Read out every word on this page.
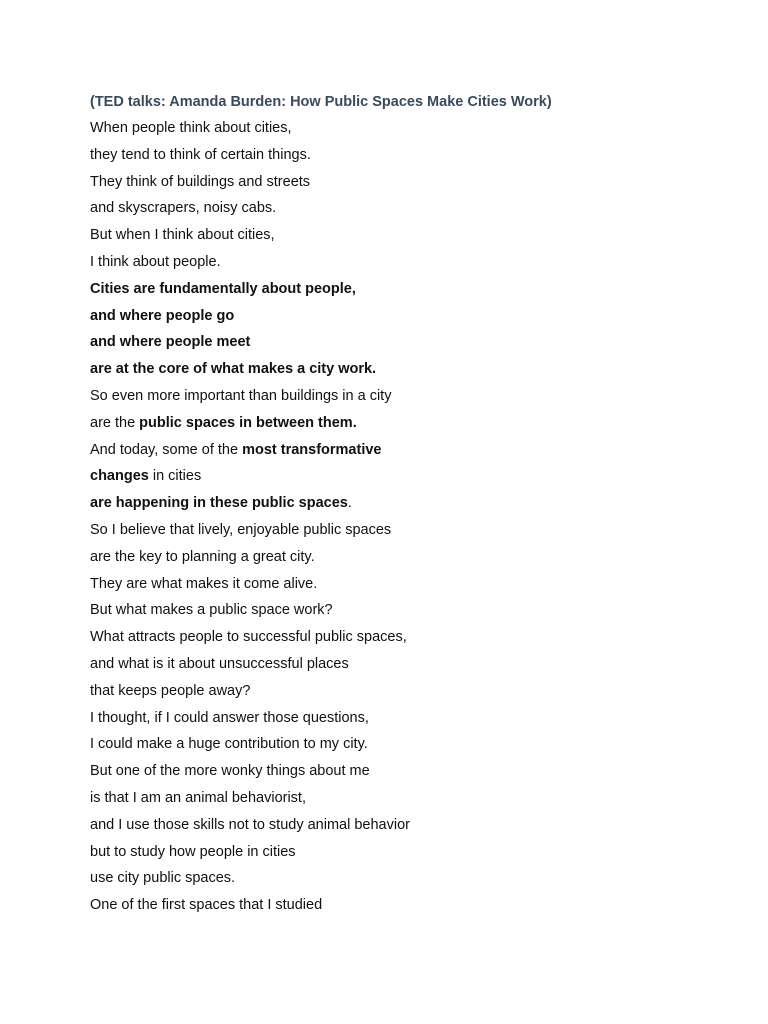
(TED talks: Amanda Burden: How Public Spaces Make Cities Work)
When people think about cities,
they tend to think of certain things.
They think of buildings and streets
and skyscrapers, noisy cabs.
But when I think about cities,
I think about people.
Cities are fundamentally about people,
and where people go
and where people meet
are at the core of what makes a city work.
So even more important than buildings in a city
are the public spaces in between them.
And today, some of the most transformative
changes in cities
are happening in these public spaces.
So I believe that lively, enjoyable public spaces
are the key to planning a great city.
They are what makes it come alive.
But what makes a public space work?
What attracts people to successful public spaces,
and what is it about unsuccessful places
that keeps people away?
I thought, if I could answer those questions,
I could make a huge contribution to my city.
But one of the more wonky things about me
is that I am an animal behaviorist,
and I use those skills not to study animal behavior
but to study how people in cities
use city public spaces.
One of the first spaces that I studied
